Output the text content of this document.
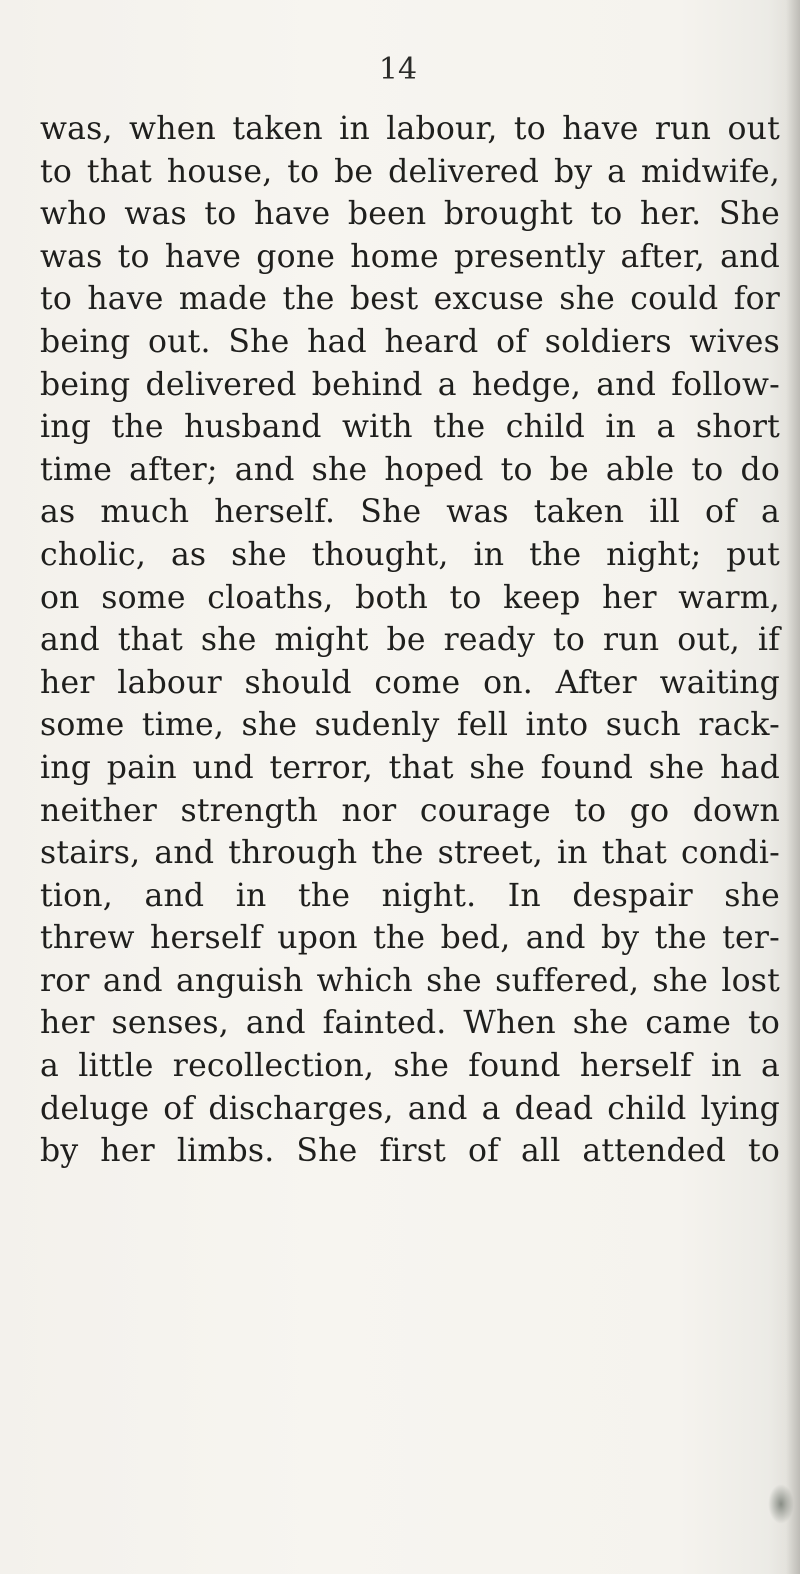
14
was, when taken in labour, to have run out
to that house, to be delivered by a midwife,
who was to have been brought to her. She
was to have gone home presently after, and
to have made the best excuse she could for
being out. She had heard of soldiers wives
being delivered behind a hedge, and follow-
ing the husband with the child in a short
time after; and she hoped to be able to do
as much herself. She was taken ill of a
cholic, as she thought, in the night; put
on some cloaths, both to keep her warm,
and that she might be ready to run out, if
her labour should come on. After waiting
some time, she sudenly fell into such rack-
ing pain und terror, that she found she had
neither strength nor courage to go down
stairs, and through the street, in that condi-
tion, and in the night. In despair she
threw herself upon the bed, and by the ter-
ror and anguish which she suffered, she lost
her senses, and fainted. When she came to
a little recollection, she found herself in a
deluge of discharges, and a dead child lying
by her limbs. She first of all attended to
